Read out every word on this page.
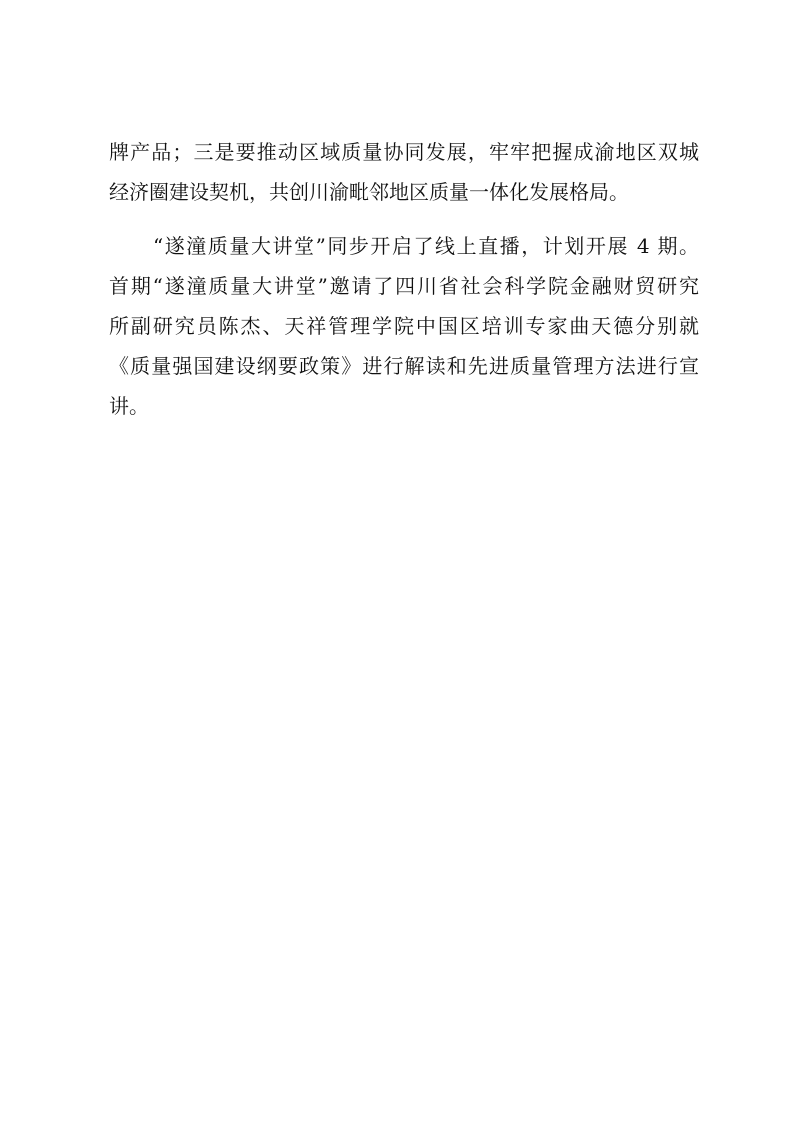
牌产品；三是要推动区域质量协同发展，牢牢把握成渝地区双城
经济圈建设契机，共创川渝毗邻地区质量一体化发展格局。
“遂潼质量大讲堂”同步开启了线上直播，计划开展 4 期。
首期“遂潼质量大讲堂”邀请了四川省社会科学院金融财贸研究
所副研究员陈杰、天祥管理学院中国区培训专家曲天德分别就
《质量强国建设纲要政策》进行解读和先进质量管理方法进行宣
讲。
